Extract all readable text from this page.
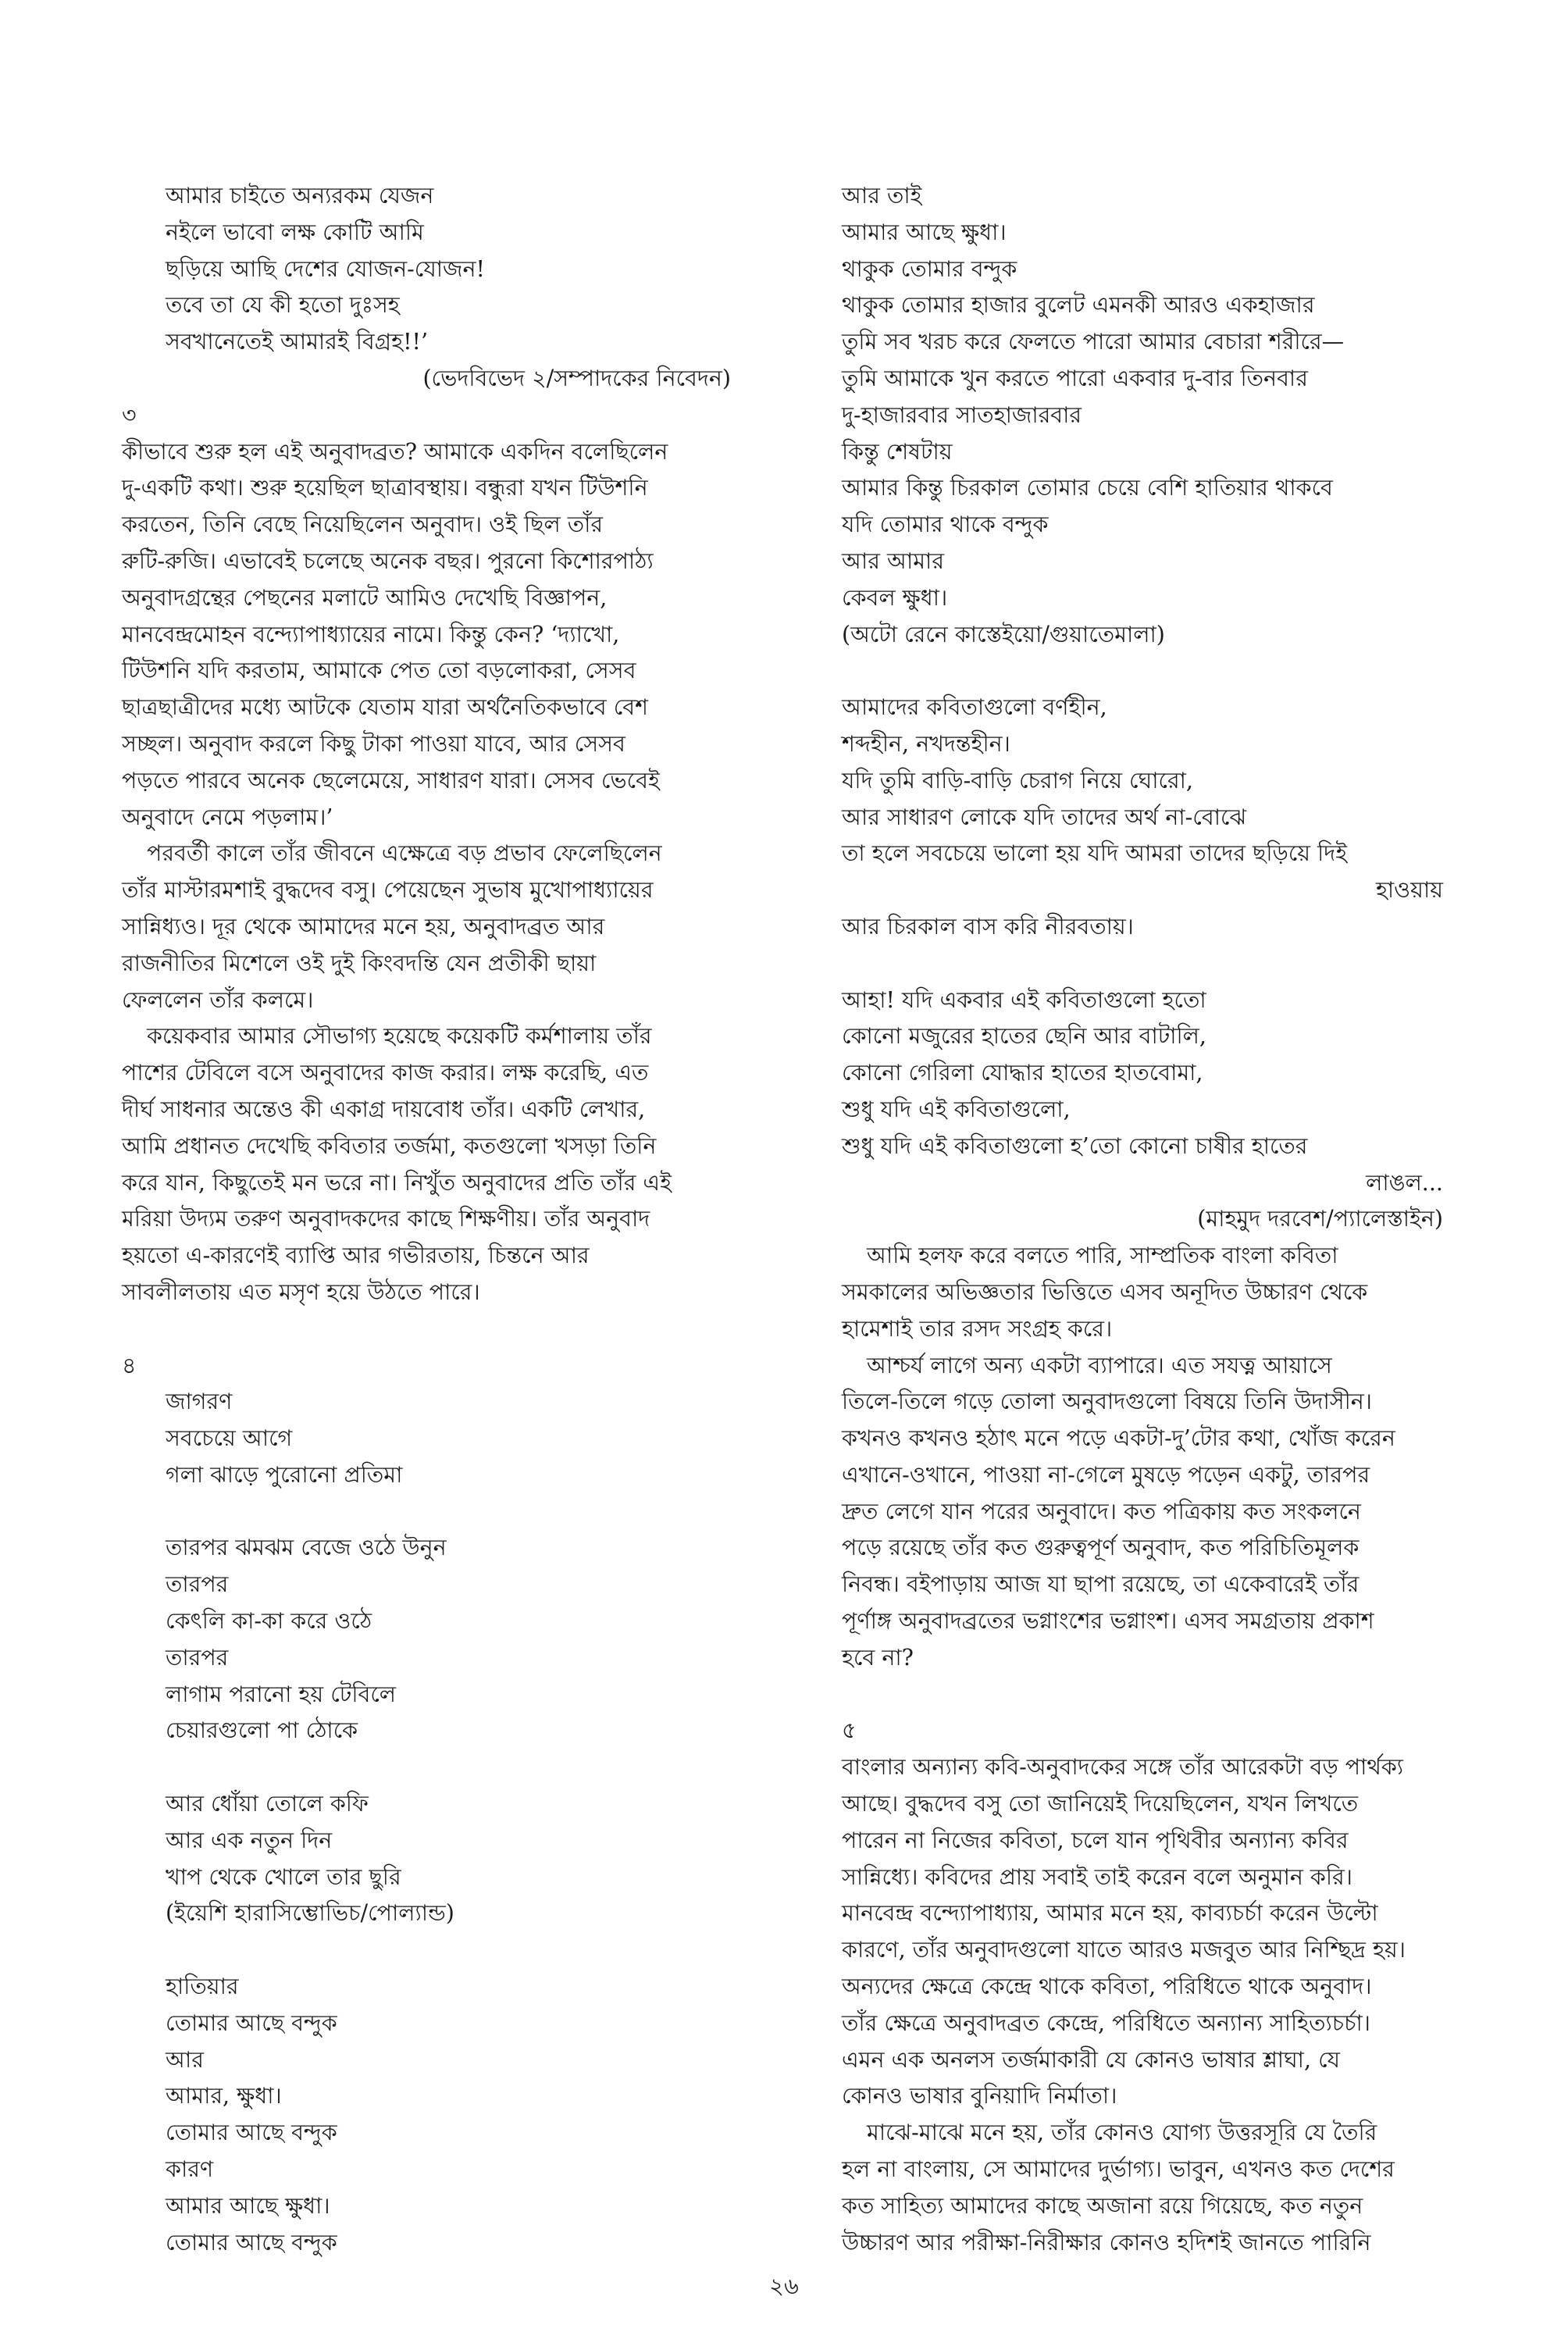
আমার চাইতে অন্যরকম যেজন

নইলে ভাবো লক্ষ কোটি আমি

ছড়িয়ে আছি দেশের যোজন-যোজন!

তবে তা যে কী হতো দুঃসহ

সবখানেতেই আমারই বিগ্রহ!!’

(ভেদবিভেদ ২/সম্পাদকের নিবেদন)

৩

কীভাবে শুরু হল এই অনুবাদব্রত? আমাকে একদিন বলেছিলেন

দু-একটি কথা। শুরু হয়েছিল ছাত্রাবস্থায়। বন্ধুরা যখন টিউশনি

করতেন, তিনি বেছে নিয়েছিলেন অনুবাদ। ওই ছিল তাঁর

রুটি-রুজি। এভাবেই চলেছে অনেক বছর। পুরনো কিশোরপাঠ্য

অনুবাদগ্রন্থের পেছনের মলাটে আমিও দেখেছি বিজ্ঞাপন,

মানবেন্দ্রমোহন বন্দ্যোপাধ্যায়ের নামে। কিন্তু কেন? ‘দ্যাখো,

টিউশনি যদি করতাম, আমাকে পেত তো বড়লোকরা, সেসব

ছাত্রছাত্রীদের মধ্যে আটকে যেতাম যারা অর্থনৈতিকভাবে বেশ

সচ্ছল। অনুবাদ করলে কিছু টাকা পাওয়া যাবে, আর সেসব

পড়তে পারবে অনেক ছেলেমেয়ে, সাধারণ যারা। সেসব ভেবেই

অনুবাদে নেমে পড়লাম।’

পরবর্তী কালে তাঁর জীবনে এক্ষেত্রে বড় প্রভাব ফেলেছিলেন

তাঁর মাস্টারমশাই বুদ্ধদেব বসু। পেয়েছেন সুভাষ মুখোপাধ্যায়ের

সান্নিধ্যও। দূর থেকে আমাদের মনে হয়, অনুবাদব্রত আর

রাজনীতির মিশেলে ওই দুই কিংবদন্তি যেন প্রতীকী ছায়া

ফেললেন তাঁর কলমে।

কয়েকবার আমার সৌভাগ্য হয়েছে কয়েকটি কর্মশালায় তাঁর

পাশের টেবিলে বসে অনুবাদের কাজ করার। লক্ষ করেছি, এত

দীর্ঘ সাধনার অন্তেও কী একাগ্র দায়বোধ তাঁর। একটি লেখার,

আমি প্রধানত দেখেছি কবিতার তর্জমা, কতগুলো খসড়া তিনি

করে যান, কিছুতেই মন ভরে না। নিখুঁত অনুবাদের প্রতি তাঁর এই

মরিয়া উদ্যম তরুণ অনুবাদকদের কাছে শিক্ষণীয়। তাঁর অনুবাদ

হয়তো এ-কারণেই ব্যাপ্তি আর গভীরতায়, চিন্তনে আর

সাবলীলতায় এত মসৃণ হয়ে উঠতে পারে।

৪

জাগরণ

সবচেয়ে আগে

গলা ঝাড়ে পুরোনো প্রতিমা

তারপর ঝমঝম বেজে ওঠে উনুন

তারপর

কেৎলি কা-কা করে ওঠে

তারপর

লাগাম পরানো হয় টেবিলে

চেয়ারগুলো পা ঠোকে

আর ধোঁয়া তোলে কফি

আর এক নতুন দিন

খাপ থেকে খোলে তার ছুরি

(ইয়েশি হারাসিম্ভোভিচ/পোল্যান্ড)

হাতিয়ার

তোমার আছে বন্দুক

আর

আমার, ক্ষুধা।

তোমার আছে বন্দুক

কারণ

আমার আছে ক্ষুধা।

তোমার আছে বন্দুক

আর তাই

আমার আছে ক্ষুধা।

থাকুক তোমার বন্দুক

থাকুক তোমার হাজার বুলেট এমনকী আরও একহাজার

তুমি সব খরচ করে ফেলতে পারো আমার বেচারা শরীরে—

তুমি আমাকে খুন করতে পারো একবার দু-বার তিনবার

দু-হাজারবার সাতহাজারবার

কিন্তু শেষটায়

আমার কিন্তু চিরকাল তোমার চেয়ে বেশি হাতিয়ার থাকবে

যদি তোমার থাকে বন্দুক

আর আমার

কেবল ক্ষুধা।

(অটো রেনে কাস্তেইয়ো/গুয়াতেমালা)

আমাদের কবিতাগুলো বর্ণহীন,

শব্দহীন, নখদন্তহীন।

যদি তুমি বাড়ি-বাড়ি চেরাগ নিয়ে ঘোরো,

আর সাধারণ লোকে যদি তাদের অর্থ না-বোঝে

তা হলে সবচেয়ে ভালো হয় যদি আমরা তাদের ছড়িয়ে দিই

হাওয়ায়

আর চিরকাল বাস করি নীরবতায়।

আহা! যদি একবার এই কবিতাগুলো হতো

কোনো মজুরের হাতের ছেনি আর বাটালি,

কোনো গেরিলা যোদ্ধার হাতের হাতবোমা,

শুধু যদি এই কবিতাগুলো,

শুধু যদি এই কবিতাগুলো হ’তো কোনো চাষীর হাতের

লাঙল...

(মাহমুদ দরবেশ/প্যালেস্তাইন)

আমি হলফ করে বলতে পারি, সাম্প্রতিক বাংলা কবিতা

সমকালের অভিজ্ঞতার ভিত্তিতে এসব অনূদিত উচ্চারণ থেকে

হামেশাই তার রসদ সংগ্রহ করে।

আশ্চর্য লাগে অন্য একটা ব্যাপারে। এত সযত্ন আয়াসে

তিলে-তিলে গড়ে তোলা অনুবাদগুলো বিষয়ে তিনি উদাসীন।

কখনও কখনও হঠাৎ মনে পড়ে একটা-দু’টোর কথা, খোঁজ করেন

এখানে-ওখানে, পাওয়া না-গেলে মুষড়ে পড়েন একটু, তারপর

দ্রুত লেগে যান পরের অনুবাদে। কত পত্রিকায় কত সংকলনে

পড়ে রয়েছে তাঁর কত গুরুত্বপূর্ণ অনুবাদ, কত পরিচিতিমূলক

নিবন্ধ। বইপাড়ায় আজ যা ছাপা রয়েছে, তা একেবারেই তাঁর

পূর্ণাঙ্গ অনুবাদব্রতের ভগ্নাংশের ভগ্নাংশ। এসব সমগ্রতায় প্রকাশ

হবে না?

৫

বাংলার অন্যান্য কবি-অনুবাদকের সঙ্গে তাঁর আরেকটা বড় পার্থক্য

আছে। বুদ্ধদেব বসু তো জানিয়েই দিয়েছিলেন, যখন লিখতে

পারেন না নিজের কবিতা, চলে যান পৃথিবীর অন্যান্য কবির

সান্নিধ্যে। কবিদের প্রায় সবাই তাই করেন বলে অনুমান করি।

মানবেন্দ্র বন্দ্যোপাধ্যায়, আমার মনে হয়, কাব্যচর্চা করেন উল্টো

কারণে, তাঁর অনুবাদগুলো যাতে আরও মজবুত আর নিশ্ছিদ্র হয়।

অন্যদের ক্ষেত্রে কেন্দ্রে থাকে কবিতা, পরিধিতে থাকে অনুবাদ।

তাঁর ক্ষেত্রে অনুবাদব্রত কেন্দ্রে, পরিধিতে অন্যান্য সাহিত্যচর্চা।

এমন এক অনলস তর্জমাকারী যে কোনও ভাষার শ্লাঘা, যে

কোনও ভাষার বুনিয়াদি নির্মাতা।

মাঝে-মাঝে মনে হয়, তাঁর কোনও যোগ্য উত্তরসূরি যে তৈরি

হল না বাংলায়, সে আমাদের দুর্ভাগ্য। ভাবুন, এখনও কত দেশের

কত সাহিত্য আমাদের কাছে অজানা রয়ে গিয়েছে, কত নতুন

উচ্চারণ আর পরীক্ষা-নিরীক্ষার কোনও হদিশই জানতে পারিনি

২৬
